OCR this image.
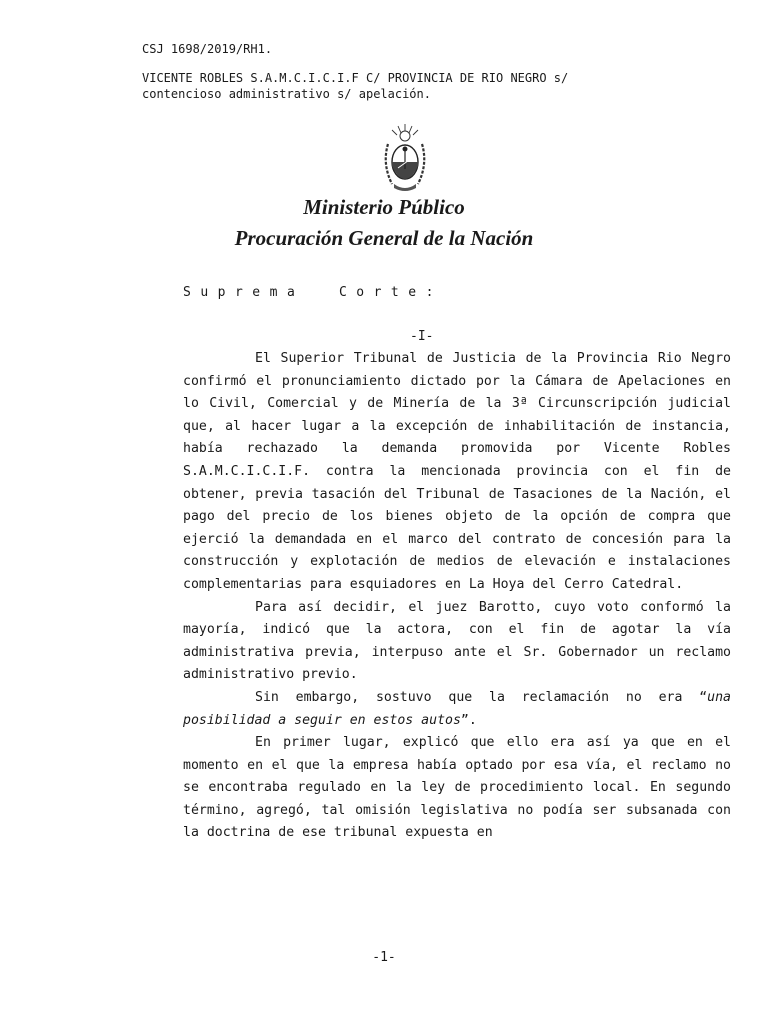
CSJ 1698/2019/RH1.
VICENTE ROBLES S.A.M.C.I.C.I.F C/ PROVINCIA DE RIO NEGRO s/
contencioso administrativo s/ apelación.
Ministerio Público
Procuración General de la Nación
Suprema  Corte:
-I-

El Superior Tribunal de Justicia de la Provincia Rio Negro confirmó el pronunciamiento dictado por la Cámara de Apelaciones en lo Civil, Comercial y de Minería de la 3ª Circunscripción judicial que, al hacer lugar a la excepción de inhabilitación de instancia, había rechazado la demanda promovida por Vicente Robles S.A.M.C.I.C.I.F. contra la mencionada provincia con el fin de obtener, previa tasación del Tribunal de Tasaciones de la Nación, el pago del precio de los bienes objeto de la opción de compra que ejerció la demandada en el marco del contrato de concesión para la construcción y explotación de medios de elevación e instalaciones complementarias para esquiadores en La Hoya del Cerro Catedral.

Para así decidir, el juez Barotto, cuyo voto conformó la mayoría, indicó que la actora, con el fin de agotar la vía administrativa previa, interpuso ante el Sr. Gobernador un reclamo administrativo previo.

Sin embargo, sostuvo que la reclamación no era “una posibilidad a seguir en estos autos”.

En primer lugar, explicó que ello era así ya que en el momento en el que la empresa había optado por esa vía, el reclamo no se encontraba regulado en la ley de procedimiento local. En segundo término, agregó, tal omisión legislativa no podía ser subsanada con la doctrina de ese tribunal expuesta en

-1-
